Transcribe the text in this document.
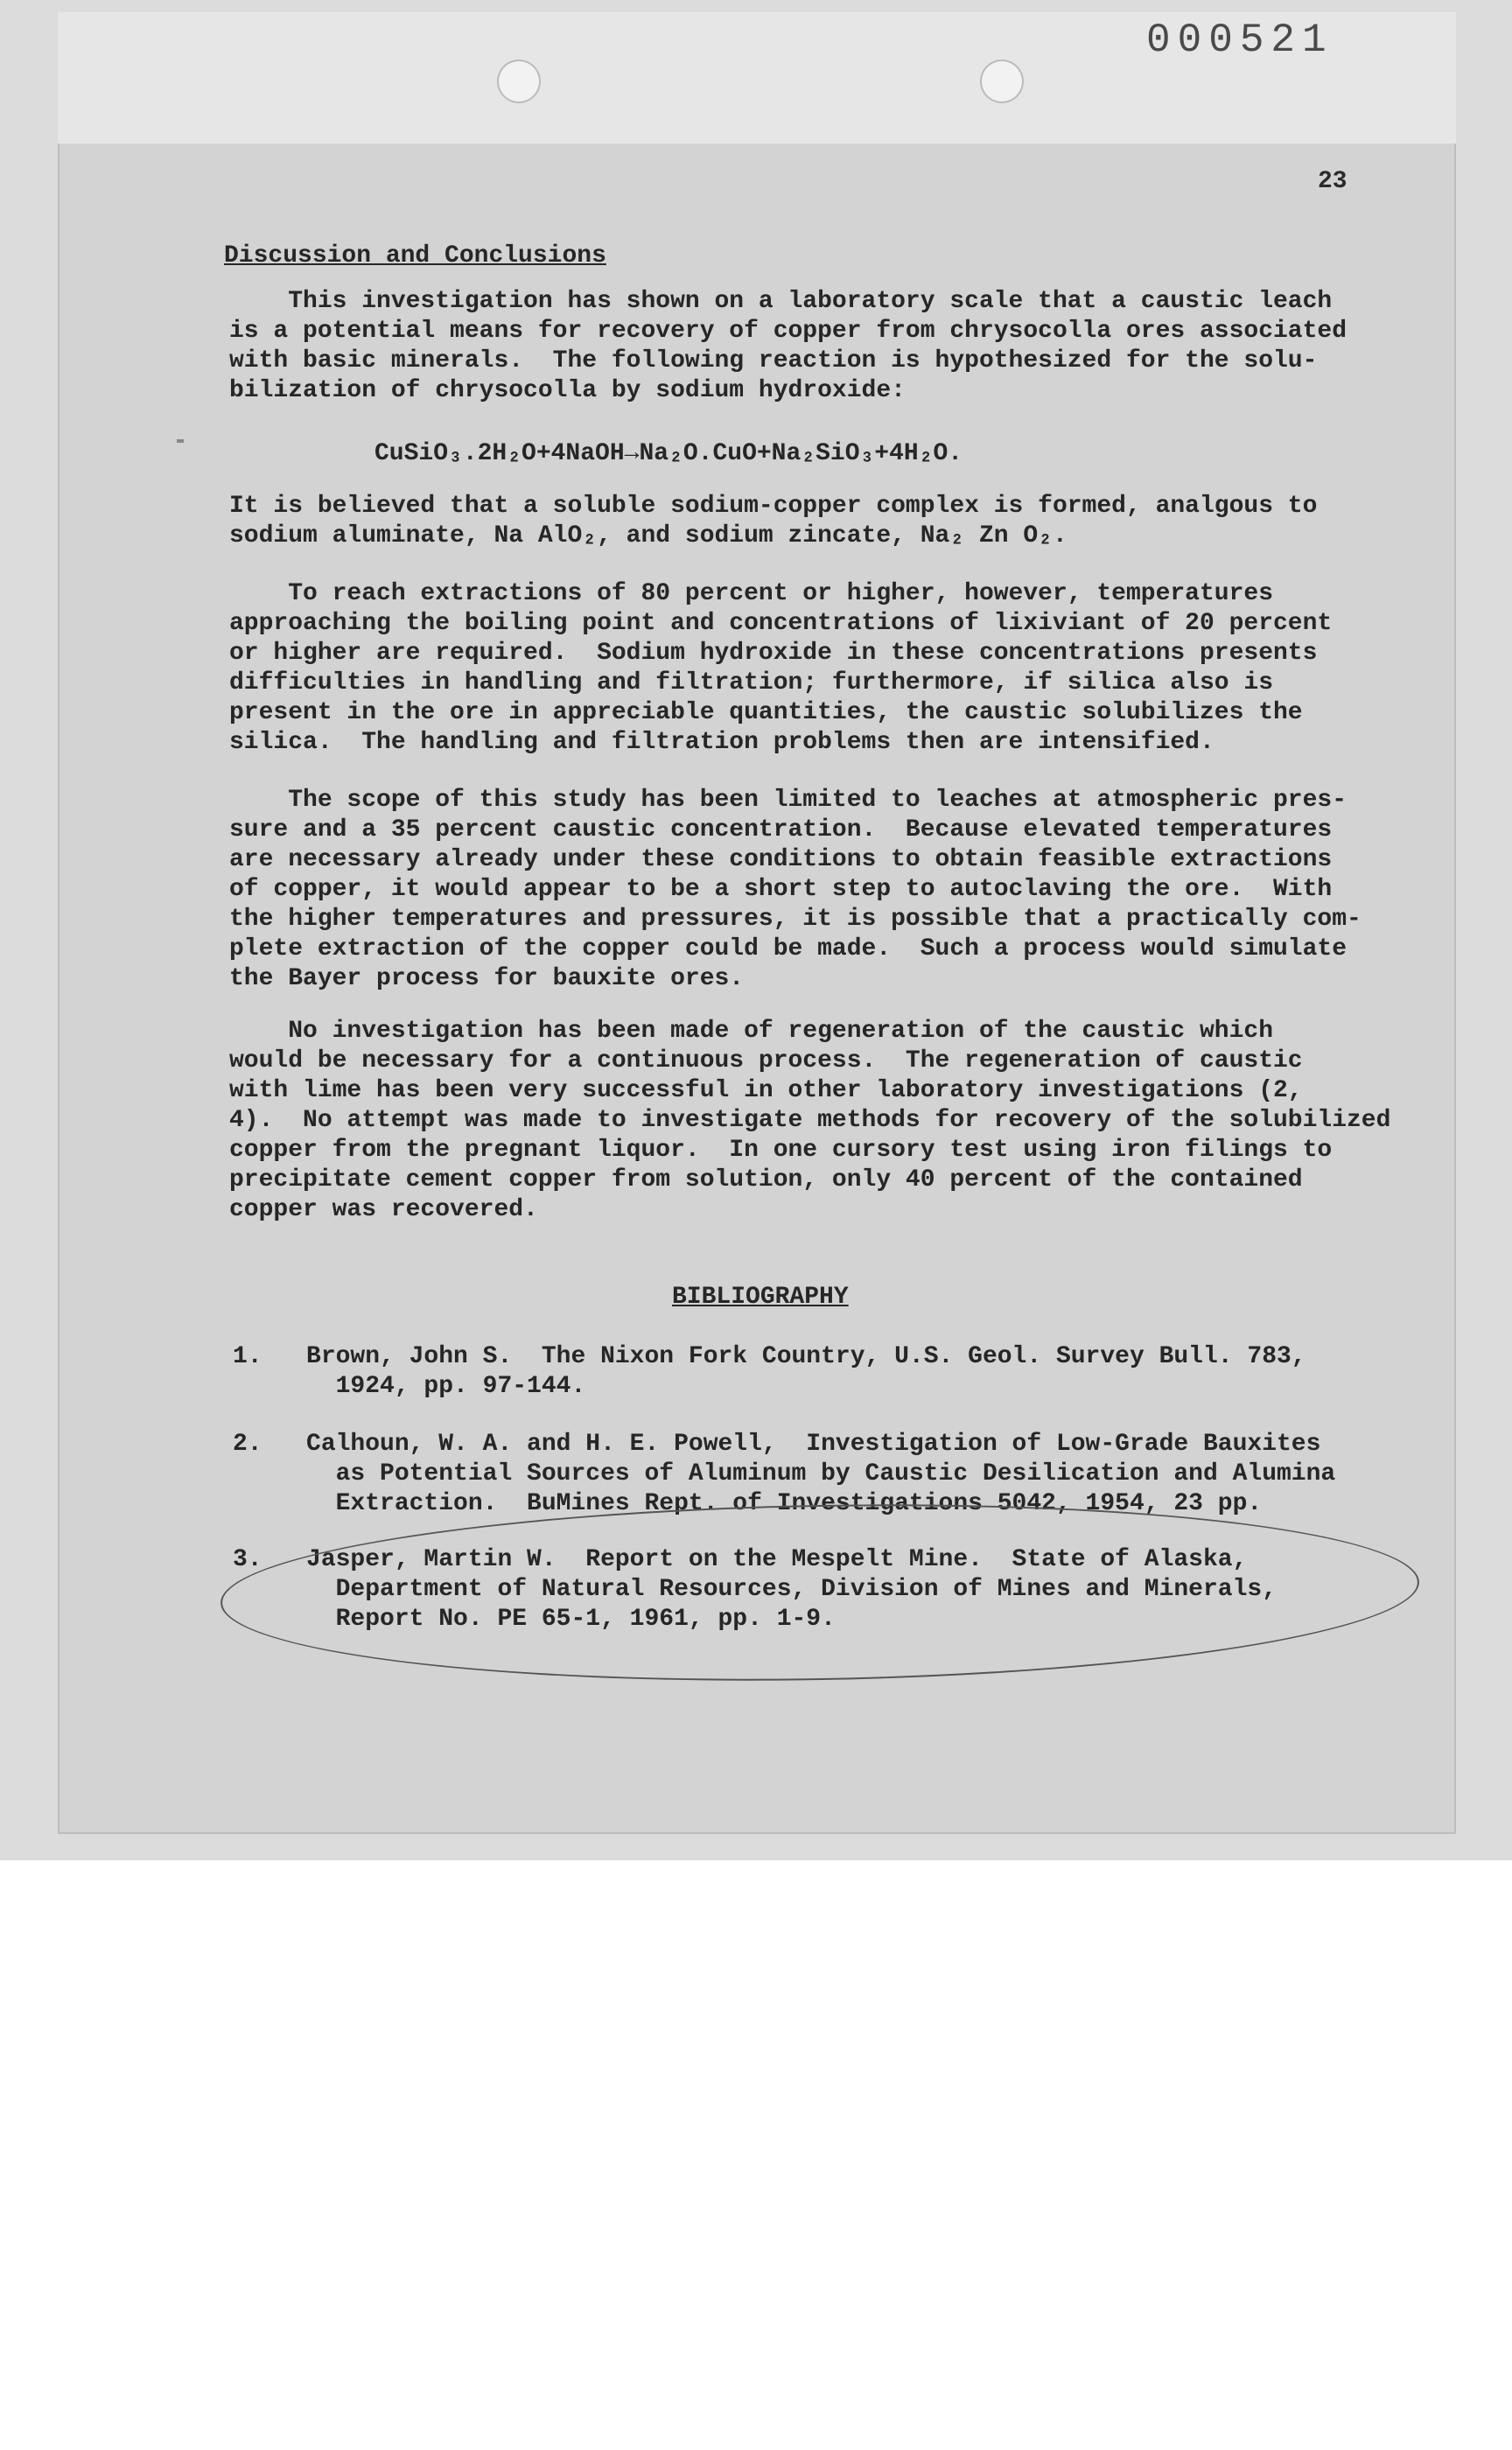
000521
23
Discussion and Conclusions
This investigation has shown on a laboratory scale that a caustic leach
is a potential means for recovery of copper from chrysocolla ores associated
with basic minerals.  The following reaction is hypothesized for the solu-
bilization of chrysocolla by sodium hydroxide:
CuSiO₃.2H₂O+4NaOH→Na₂O.CuO+Na₂SiO₃+4H₂O.
It is believed that a soluble sodium-copper complex is formed, analgous to
sodium aluminate, Na AlO₂, and sodium zincate, Na₂ Zn O₂.
To reach extractions of 80 percent or higher, however, temperatures
approaching the boiling point and concentrations of lixiviant of 20 percent
or higher are required.  Sodium hydroxide in these concentrations presents
difficulties in handling and filtration; furthermore, if silica also is
present in the ore in appreciable quantities, the caustic solubilizes the
silica.  The handling and filtration problems then are intensified.
The scope of this study has been limited to leaches at atmospheric pres-
sure and a 35 percent caustic concentration.  Because elevated temperatures
are necessary already under these conditions to obtain feasible extractions
of copper, it would appear to be a short step to autoclaving the ore.  With
the higher temperatures and pressures, it is possible that a practically com-
plete extraction of the copper could be made.  Such a process would simulate
the Bayer process for bauxite ores.
No investigation has been made of regeneration of the caustic which
would be necessary for a continuous process.  The regeneration of caustic
with lime has been very successful in other laboratory investigations (2,
4).  No attempt was made to investigate methods for recovery of the solubilized
copper from the pregnant liquor.  In one cursory test using iron filings to
precipitate cement copper from solution, only 40 percent of the contained
copper was recovered.
BIBLIOGRAPHY
1.   Brown, John S.  The Nixon Fork Country, U.S. Geol. Survey Bull. 783,
1924, pp. 97-144.
2.   Calhoun, W. A. and H. E. Powell,  Investigation of Low-Grade Bauxites
as Potential Sources of Aluminum by Caustic Desilication and Alumina
Extraction.  BuMines Rept. of Investigations 5042, 1954, 23 pp.
3.   Jasper, Martin W.  Report on the Mespelt Mine.  State of Alaska,
Department of Natural Resources, Division of Mines and Minerals,
Report No. PE 65-1, 1961, pp. 1-9.
